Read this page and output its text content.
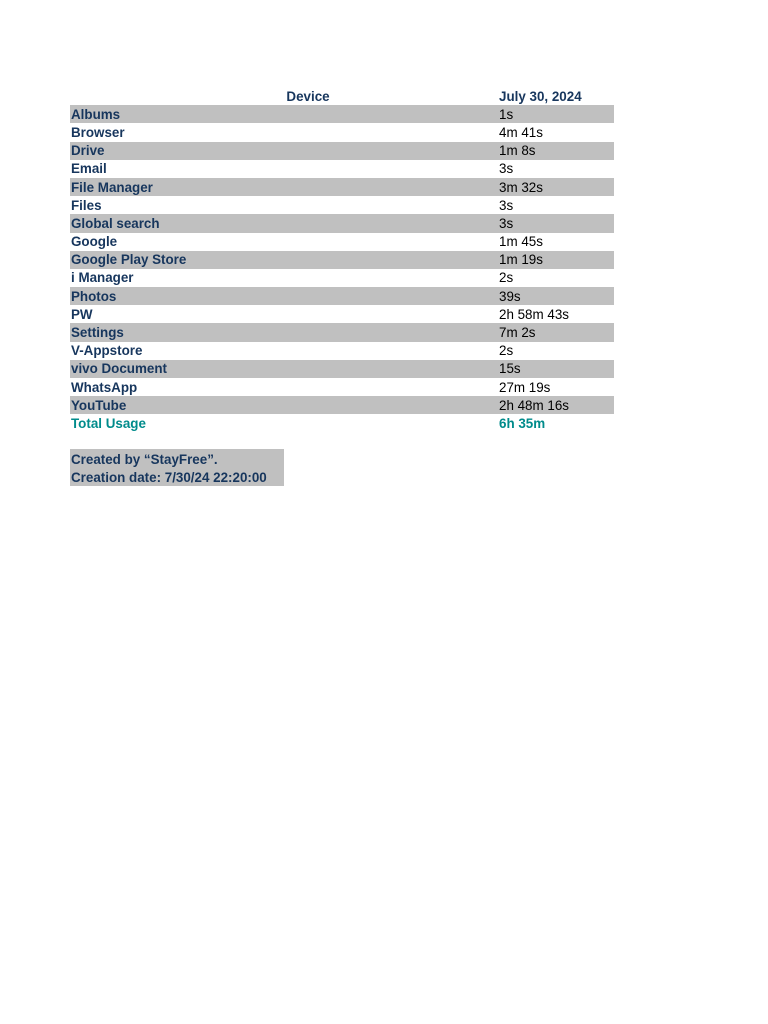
Device	July 30, 2024
Albums	1s
Browser	4m 41s
Drive	1m 8s
Email	3s
File Manager	3m 32s
Files	3s
Global search	3s
Google	1m 45s
Google Play Store	1m 19s
i Manager	2s
Photos	39s
PW	2h 58m 43s
Settings	7m 2s
V-Appstore	2s
vivo Document	15s
WhatsApp	27m 19s
YouTube	2h 48m 16s
Total Usage	6h 35m
Created by “StayFree”.
Creation date: 7/30/24 22:20:00
